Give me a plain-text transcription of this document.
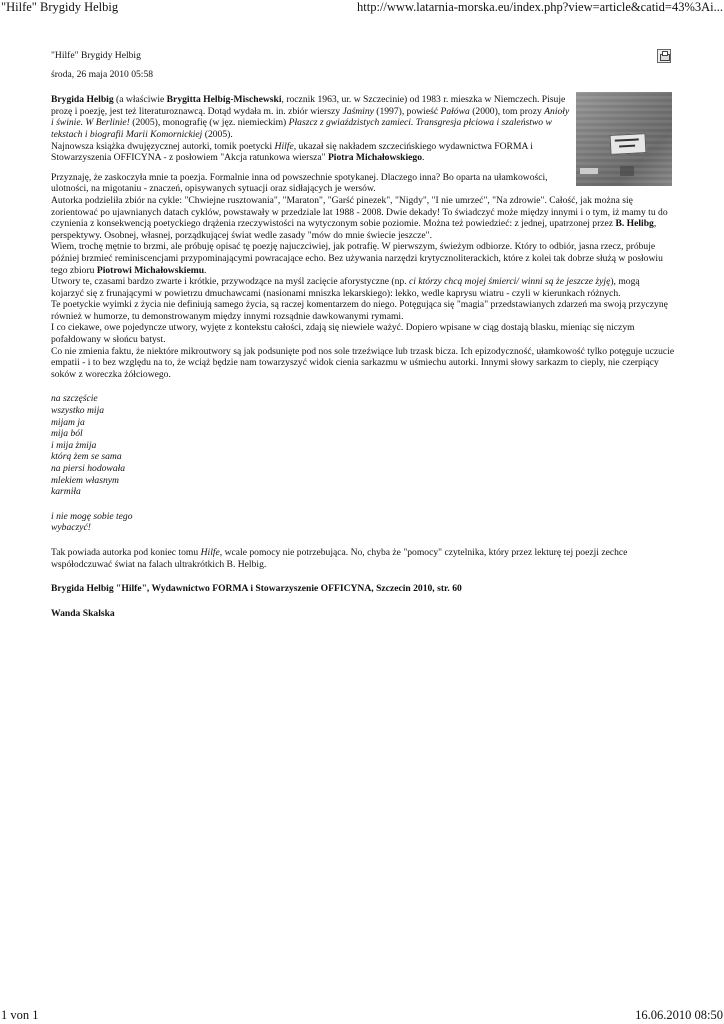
"Hilfe" Brygidy Helbig	http://www.latarnia-morska.eu/index.php?view=article&catid=43%3Ai...

"Hilfe" Brygidy Helbig

środa, 26 maja 2010 05:58

Brygida Helbig (a właściwie Brygitta Helbig-Mischewski, rocznik 1963, ur. w Szczecinie) od 1983 r. mieszka w Niemczech. Pisuje prozę i poezję, jest też literaturoznawcą. Dotąd wydała m. in. zbiór wierszy Jaśminy (1997), powieść Pałówa (2000), tom prozy Anioły i świnie. W Berlinie! (2005), monografię (w jęz. niemieckim) Płaszcz z gwiaździstych zamieci. Transgresja płciowa i szaleństwo w tekstach i biografii Marii Komornickiej (2005).

Najnowsza książka dwujęzycznej autorki, tomik poetycki Hilfe, ukazał się nakładem szczecińskiego wydawnictwa FORMA i Stowarzyszenia OFFICYNA - z posłowiem "Akcja ratunkowa wiersza" Piotra Michałowskiego.

Przyznaję, że zaskoczyła mnie ta poezja. Formalnie inna od powszechnie spotykanej. Dlaczego inna? Bo oparta na ułamkowości, ulotności, na migotaniu - znaczeń, opisywanych sytuacji oraz sidłających je wersów.

Autorka podzieliła zbiór na cykle: "Chwiejne rusztowania", "Maraton", "Garść pinezek", "Nigdy", "I nie umrzeć", "Na zdrowie". Całość, jak można się zorientować po ujawnianych datach cyklów, powstawały w przedziale lat 1988 - 2008. Dwie dekady! To świadczyć może między innymi i o tym, iż mamy tu do czynienia z konsekwencją poetyckiego drążenia rzeczywistości na wytyczonym sobie poziomie. Można też powiedzieć: z jednej, upatrzonej przez B. Helibg, perspektywy. Osobnej, własnej, porządkującej świat wedle zasady "mów do mnie świecie jeszcze".

Wiem, trochę mętnie to brzmi, ale próbuję opisać tę poezję najuczciwiej, jak potrafię. W pierwszym, świeżym odbiorze. Który to odbiór, jasna rzecz, próbuje później brzmieć reminiscencjami przypominającymi powracające echo. Bez używania narzędzi krytycznoliterackich, które z kolei tak dobrze służą w posłowiu tego zbioru Piotrowi Michałowskiemu.

Utwory te, czasami bardzo zwarte i krótkie, przywodzące na myśl zacięcie aforystyczne (np. ci którzy chcą mojej śmierci/ winni są że jeszcze żyję), mogą kojarzyć się z frunającymi w powietrzu dmuchawcami (nasionami mniszka lekarskiego): lekko, wedle kaprysu wiatru - czyli w kierunkach różnych.

Te poetyckie wyimki z życia nie definiują samego życia, są raczej komentarzem do niego. Potęgująca się "magia" przedstawianych zdarzeń ma swoją przyczynę również w humorze, tu demonstrowanym między innymi rozsądnie dawkowanymi rymami.

I co ciekawe, owe pojedyncze utwory, wyjęte z kontekstu całości, zdają się niewiele ważyć. Dopiero wpisane w ciąg dostają blasku, mieniąc się niczym pofałdowany w słońcu batyst.

Co nie zmienia faktu, że niektóre mikroutwory są jak podsunięte pod nos sole trzeźwiące lub trzask bicza. Ich epizodyczność, ułamkowość tylko potęguje uczucie empatii - i to bez względu na to, że wciąż będzie nam towarzyszyć widok cienia sarkazmu w uśmiechu autorki. Innymi słowy sarkazm to cieply, nie czerpiący soków z woreczka żółciowego.

na szczęście
wszystko mija
mijam ja
mija ból
i mija żmija
którą żem se sama
na piersi hodowała
mlekiem własnym
karmiła
i nie mogę sobie tego
wybaczyć!

Tak powiada autorka pod koniec tomu Hilfe, wcale pomocy nie potrzebująca. No, chyba że "pomocy" czytelnika, który przez lekturę tej poezji zechce współodczuwać świat na falach ultrakrótkich B. Helbig.

Brygida Helbig "Hilfe", Wydawnictwo FORMA i Stowarzyszenie OFFICYNA, Szczecin 2010, str. 60

Wanda Skalska

1 von 1	16.06.2010 08:50
